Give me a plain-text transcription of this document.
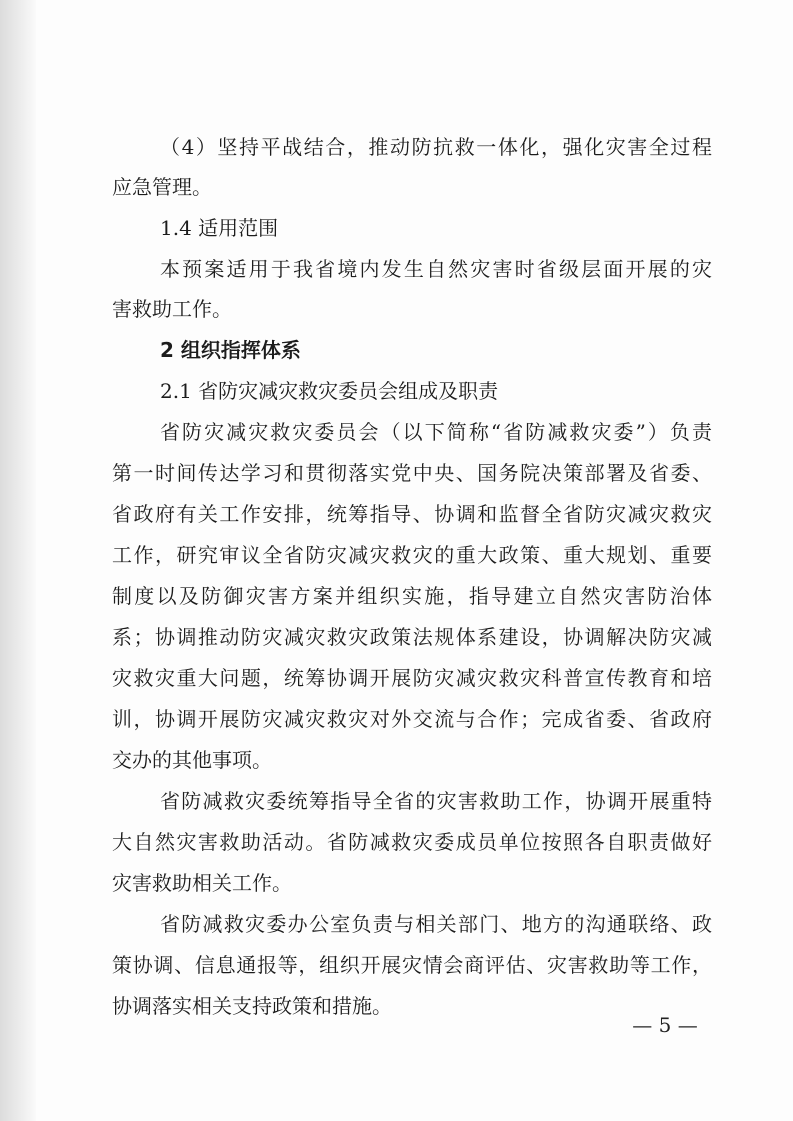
（4）坚持平战结合，推动防抗救一体化，强化灾害全过程
应急管理。
1.4 适用范围
本预案适用于我省境内发生自然灾害时省级层面开展的灾
害救助工作。
2 组织指挥体系
2.1 省防灾减灾救灾委员会组成及职责
省防灾减灾救灾委员会（以下简称“省防减救灾委”）负责
第一时间传达学习和贯彻落实党中央、国务院决策部署及省委、
省政府有关工作安排，统筹指导、协调和监督全省防灾减灾救灾
工作，研究审议全省防灾减灾救灾的重大政策、重大规划、重要
制度以及防御灾害方案并组织实施，指导建立自然灾害防治体
系；协调推动防灾减灾救灾政策法规体系建设，协调解决防灾减
灾救灾重大问题，统筹协调开展防灾减灾救灾科普宣传教育和培
训，协调开展防灾减灾救灾对外交流与合作；完成省委、省政府
交办的其他事项。
省防减救灾委统筹指导全省的灾害救助工作，协调开展重特
大自然灾害救助活动。省防减救灾委成员单位按照各自职责做好
灾害救助相关工作。
省防减救灾委办公室负责与相关部门、地方的沟通联络、政
策协调、信息通报等，组织开展灾情会商评估、灾害救助等工作，
协调落实相关支持政策和措施。
— 5 —
